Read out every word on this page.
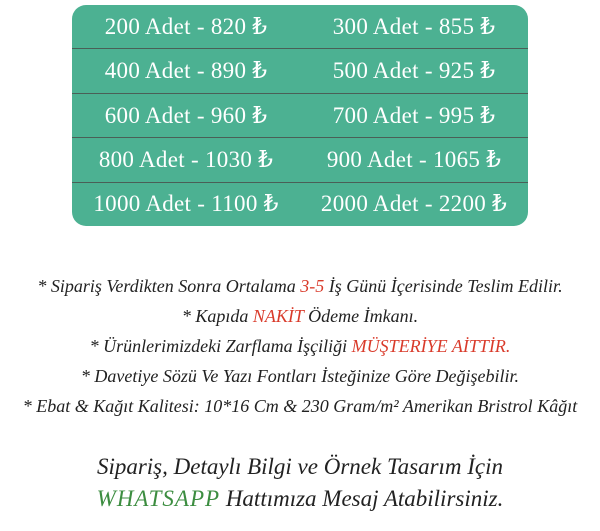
200 Adet - 820 ₺	300 Adet - 855 ₺
400 Adet - 890 ₺	500 Adet - 925 ₺
600 Adet - 960 ₺	700 Adet - 995 ₺
800 Adet - 1030 ₺	900 Adet - 1065 ₺
1000 Adet - 1100 ₺	2000 Adet - 2200 ₺
* Sipariş Verdikten Sonra Ortalama 3-5 İş Günü İçerisinde Teslim Edilir.
* Kapıda NAKİT Ödeme İmkanı.
* Ürünlerimizdeki Zarflama İşçiliği MÜŞTERİYE AİTTİR.
* Davetiye Sözü Ve Yazı Fontları İsteğinize Göre Değişebilir.
* Ebat & Kağıt Kalitesi: 10*16 Cm & 230 Gram/m² Amerikan Bristrol Kâğıt
Sipariş, Detaylı Bilgi ve Örnek Tasarım İçin
WHATSAPP Hattımıza Mesaj Atabilirsiniz.
